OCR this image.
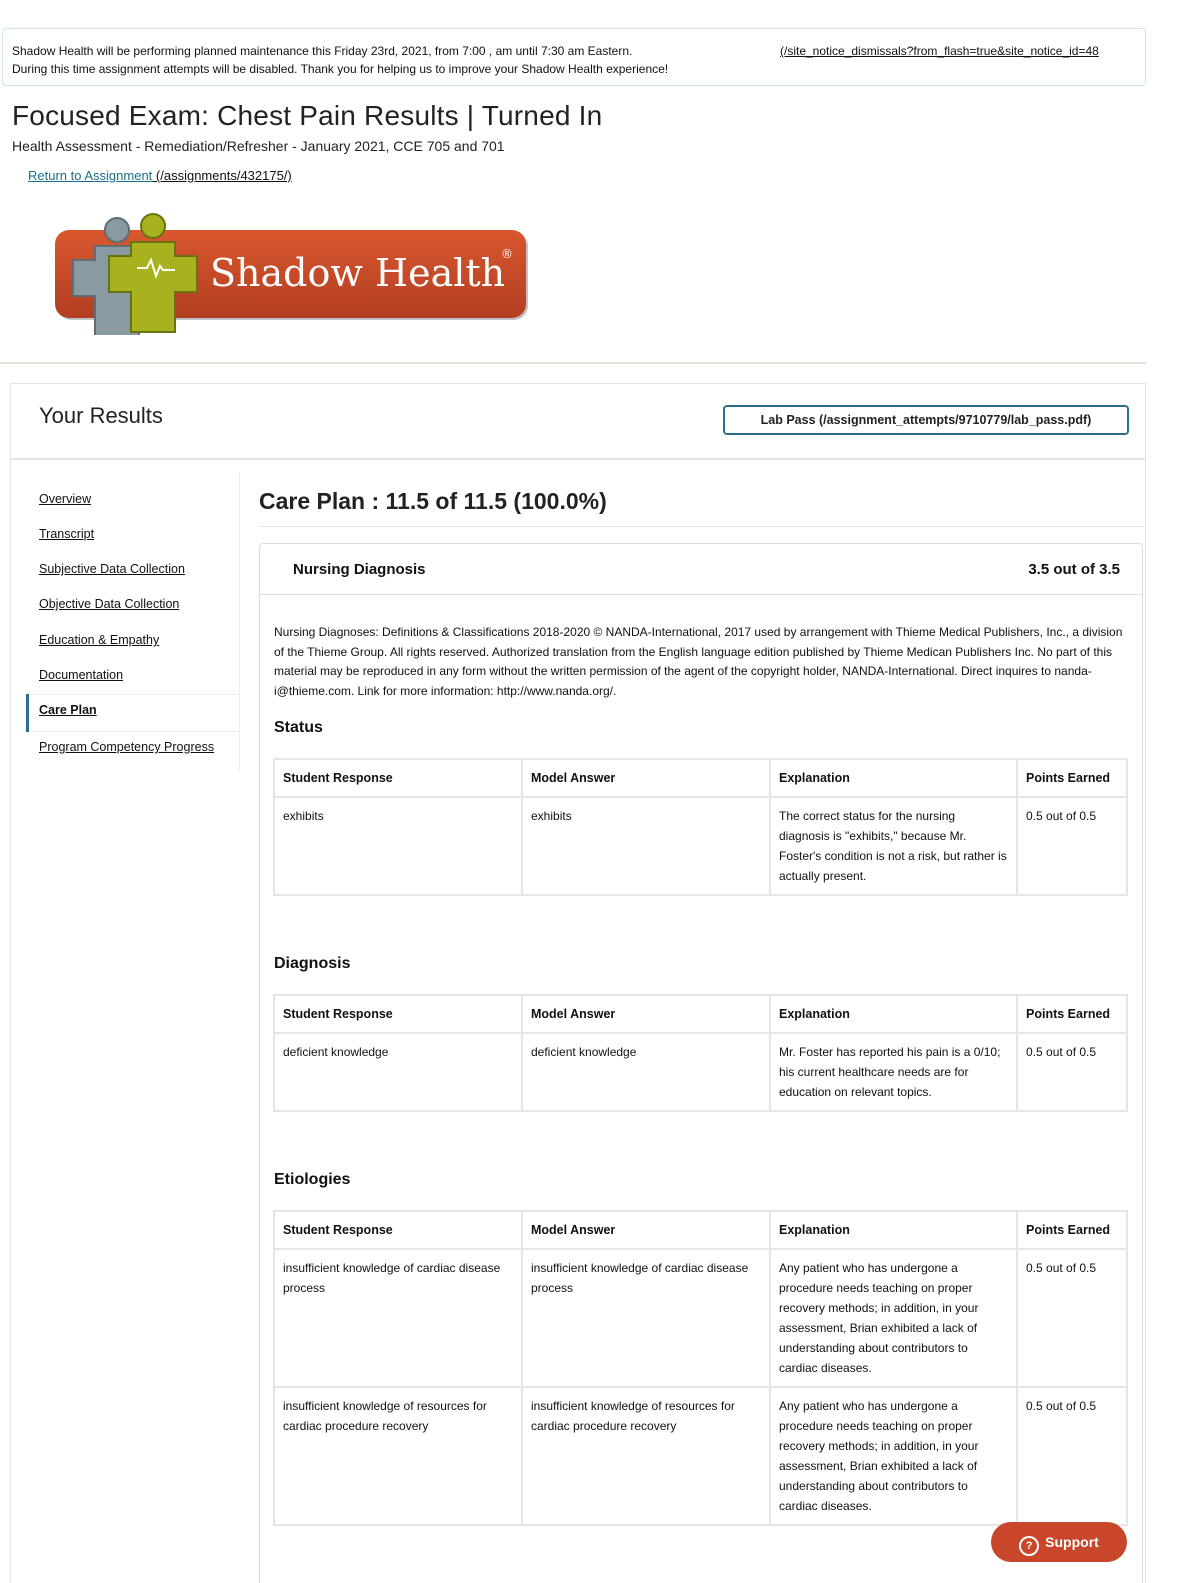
Shadow Health will be performing planned maintenance this Friday 23rd, 2021, from 7:00 , am until 7:30 am Eastern.
During this time assignment attempts will be disabled. Thank you for helping us to improve your Shadow Health experience!
(/site_notice_dismissals?from_flash=true&site_notice_id=48
Focused Exam: Chest Pain Results | Turned In
Health Assessment - Remediation/Refresher - January 2021, CCE 705 and 701
Return to Assignment (/assignments/432175/)
Shadow Health
®
Your Results	Lab Pass (/assignment_attempts/9710779/lab_pass.pdf)
Overview
Transcript
Subjective Data Collection
Objective Data Collection
Education & Empathy
Documentation
Care Plan
Program Competency Progress
Care Plan : 11.5 of 11.5 (100.0%)
Nursing Diagnosis	3.5 out of 3.5
Nursing Diagnoses: Definitions & Classifications 2018-2020 © NANDA-International, 2017 used by arrangement with Thieme Medical Publishers, Inc., a division of the Thieme Group. All rights reserved. Authorized translation from the English language edition published by Thieme Medican Publishers Inc. No part of this material may be reproduced in any form without the written permission of the agent of the copyright holder, NANDA-International. Direct inquires to nanda-i@thieme.com. Link for more information: http://www.nanda.org/.
Status
Student Response	Model Answer	Explanation	Points Earned
exhibits	exhibits	The correct status for the nursing diagnosis is "exhibits," because Mr. Foster's condition is not a risk, but rather is actually present.	0.5 out of 0.5
Diagnosis
Student Response	Model Answer	Explanation	Points Earned
deficient knowledge	deficient knowledge	Mr. Foster has reported his pain is a 0/10; his current healthcare needs are for education on relevant topics.	0.5 out of 0.5
Etiologies
Student Response	Model Answer	Explanation	Points Earned
insufficient knowledge of cardiac disease process	insufficient knowledge of cardiac disease process	Any patient who has undergone a procedure needs teaching on proper recovery methods; in addition, in your assessment, Brian exhibited a lack of understanding about contributors to cardiac diseases.	0.5 out of 0.5
insufficient knowledge of resources for cardiac procedure recovery	insufficient knowledge of resources for cardiac procedure recovery	Any patient who has undergone a procedure needs teaching on proper recovery methods; in addition, in your assessment, Brian exhibited a lack of understanding about contributors to cardiac diseases.	0.5 out of 0.5
? Support
